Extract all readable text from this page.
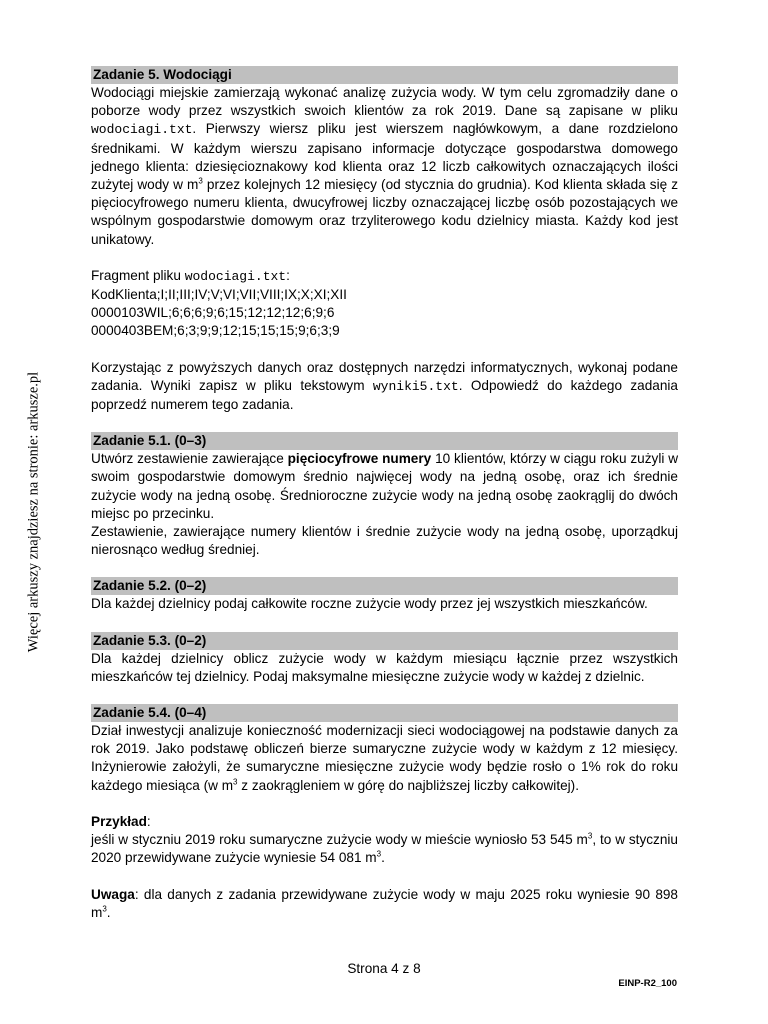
Więcej arkuszy znajdziesz na stronie: arkusze.pl
Zadanie 5. Wodociągi
Wodociągi miejskie zamierzają wykonać analizę zużycia wody. W tym celu zgromadziły dane o poborze wody przez wszystkich swoich klientów za rok 2019. Dane są zapisane w pliku wodociagi.txt. Pierwszy wiersz pliku jest wierszem nagłówkowym, a dane rozdzielono średnikami. W każdym wierszu zapisano informacje dotyczące gospodarstwa domowego jednego klienta: dziesięcioznakowy kod klienta oraz 12 liczb całkowitych oznaczających ilości zużytej wody w $m^3$ przez kolejnych 12 miesięcy (od stycznia do grudnia). Kod klienta składa się z pięciocyfrowego numeru klienta, dwucyfrowej liczby oznaczającej liczbę osób pozostających we wspólnym gospodarstwie domowym oraz trzyliterowego kodu dzielnicy miasta. Każdy kod jest unikatowy.
Fragment pliku wodociagi.txt:
KodKlienta;I;II;III;IV;V;VI;VII;VIII;IX;X;XI;XII
0000103WIL;6;6;6;9;6;15;12;12;12;6;9;6
0000403BEM;6;3;9;9;12;15;15;15;9;6;3;9
Korzystając z powyższych danych oraz dostępnych narzędzi informatycznych, wykonaj podane zadania. Wyniki zapisz w pliku tekstowym wyniki5.txt. Odpowiedź do każdego zadania poprzedź numerem tego zadania.
Zadanie 5.1. (0–3)
Utwórz zestawienie zawierające pięciocyfrowe numery 10 klientów, którzy w ciągu roku zużyli w swoim gospodarstwie domowym średnio najwięcej wody na jedną osobę, oraz ich średnie zużycie wody na jedną osobę. Średnioroczne zużycie wody na jedną osobę zaokrąglij do dwóch miejsc po przecinku.
Zestawienie, zawierające numery klientów i średnie zużycie wody na jedną osobę, uporządkuj nierosnąco według średniej.
Zadanie 5.2. (0–2)
Dla każdej dzielnicy podaj całkowite roczne zużycie wody przez jej wszystkich mieszkańców.
Zadanie 5.3. (0–2)
Dla każdej dzielnicy oblicz zużycie wody w każdym miesiącu łącznie przez wszystkich mieszkańców tej dzielnicy. Podaj maksymalne miesięczne zużycie wody w każdej z dzielnic.
Zadanie 5.4. (0–4)
Dział inwestycji analizuje konieczność modernizacji sieci wodociągowej na podstawie danych za rok 2019. Jako podstawę obliczeń bierze sumaryczne zużycie wody w każdym z 12 miesięcy. Inżynierowie założyli, że sumaryczne miesięczne zużycie wody będzie rosło o 1% rok do roku każdego miesiąca (w $m^3$ z zaokrągleniem w górę do najbliższej liczby całkowitej).
Przykład:
jeśli w styczniu 2019 roku sumaryczne zużycie wody w mieście wyniosło 53 545 $m^3$, to w styczniu 2020 przewidywane zużycie wyniesie 54 081 $m^3$.
Uwaga: dla danych z zadania przewidywane zużycie wody w maju 2025 roku wyniesie 90 898 $m^3$.
Strona 4 z 8
EINP-R2_100
